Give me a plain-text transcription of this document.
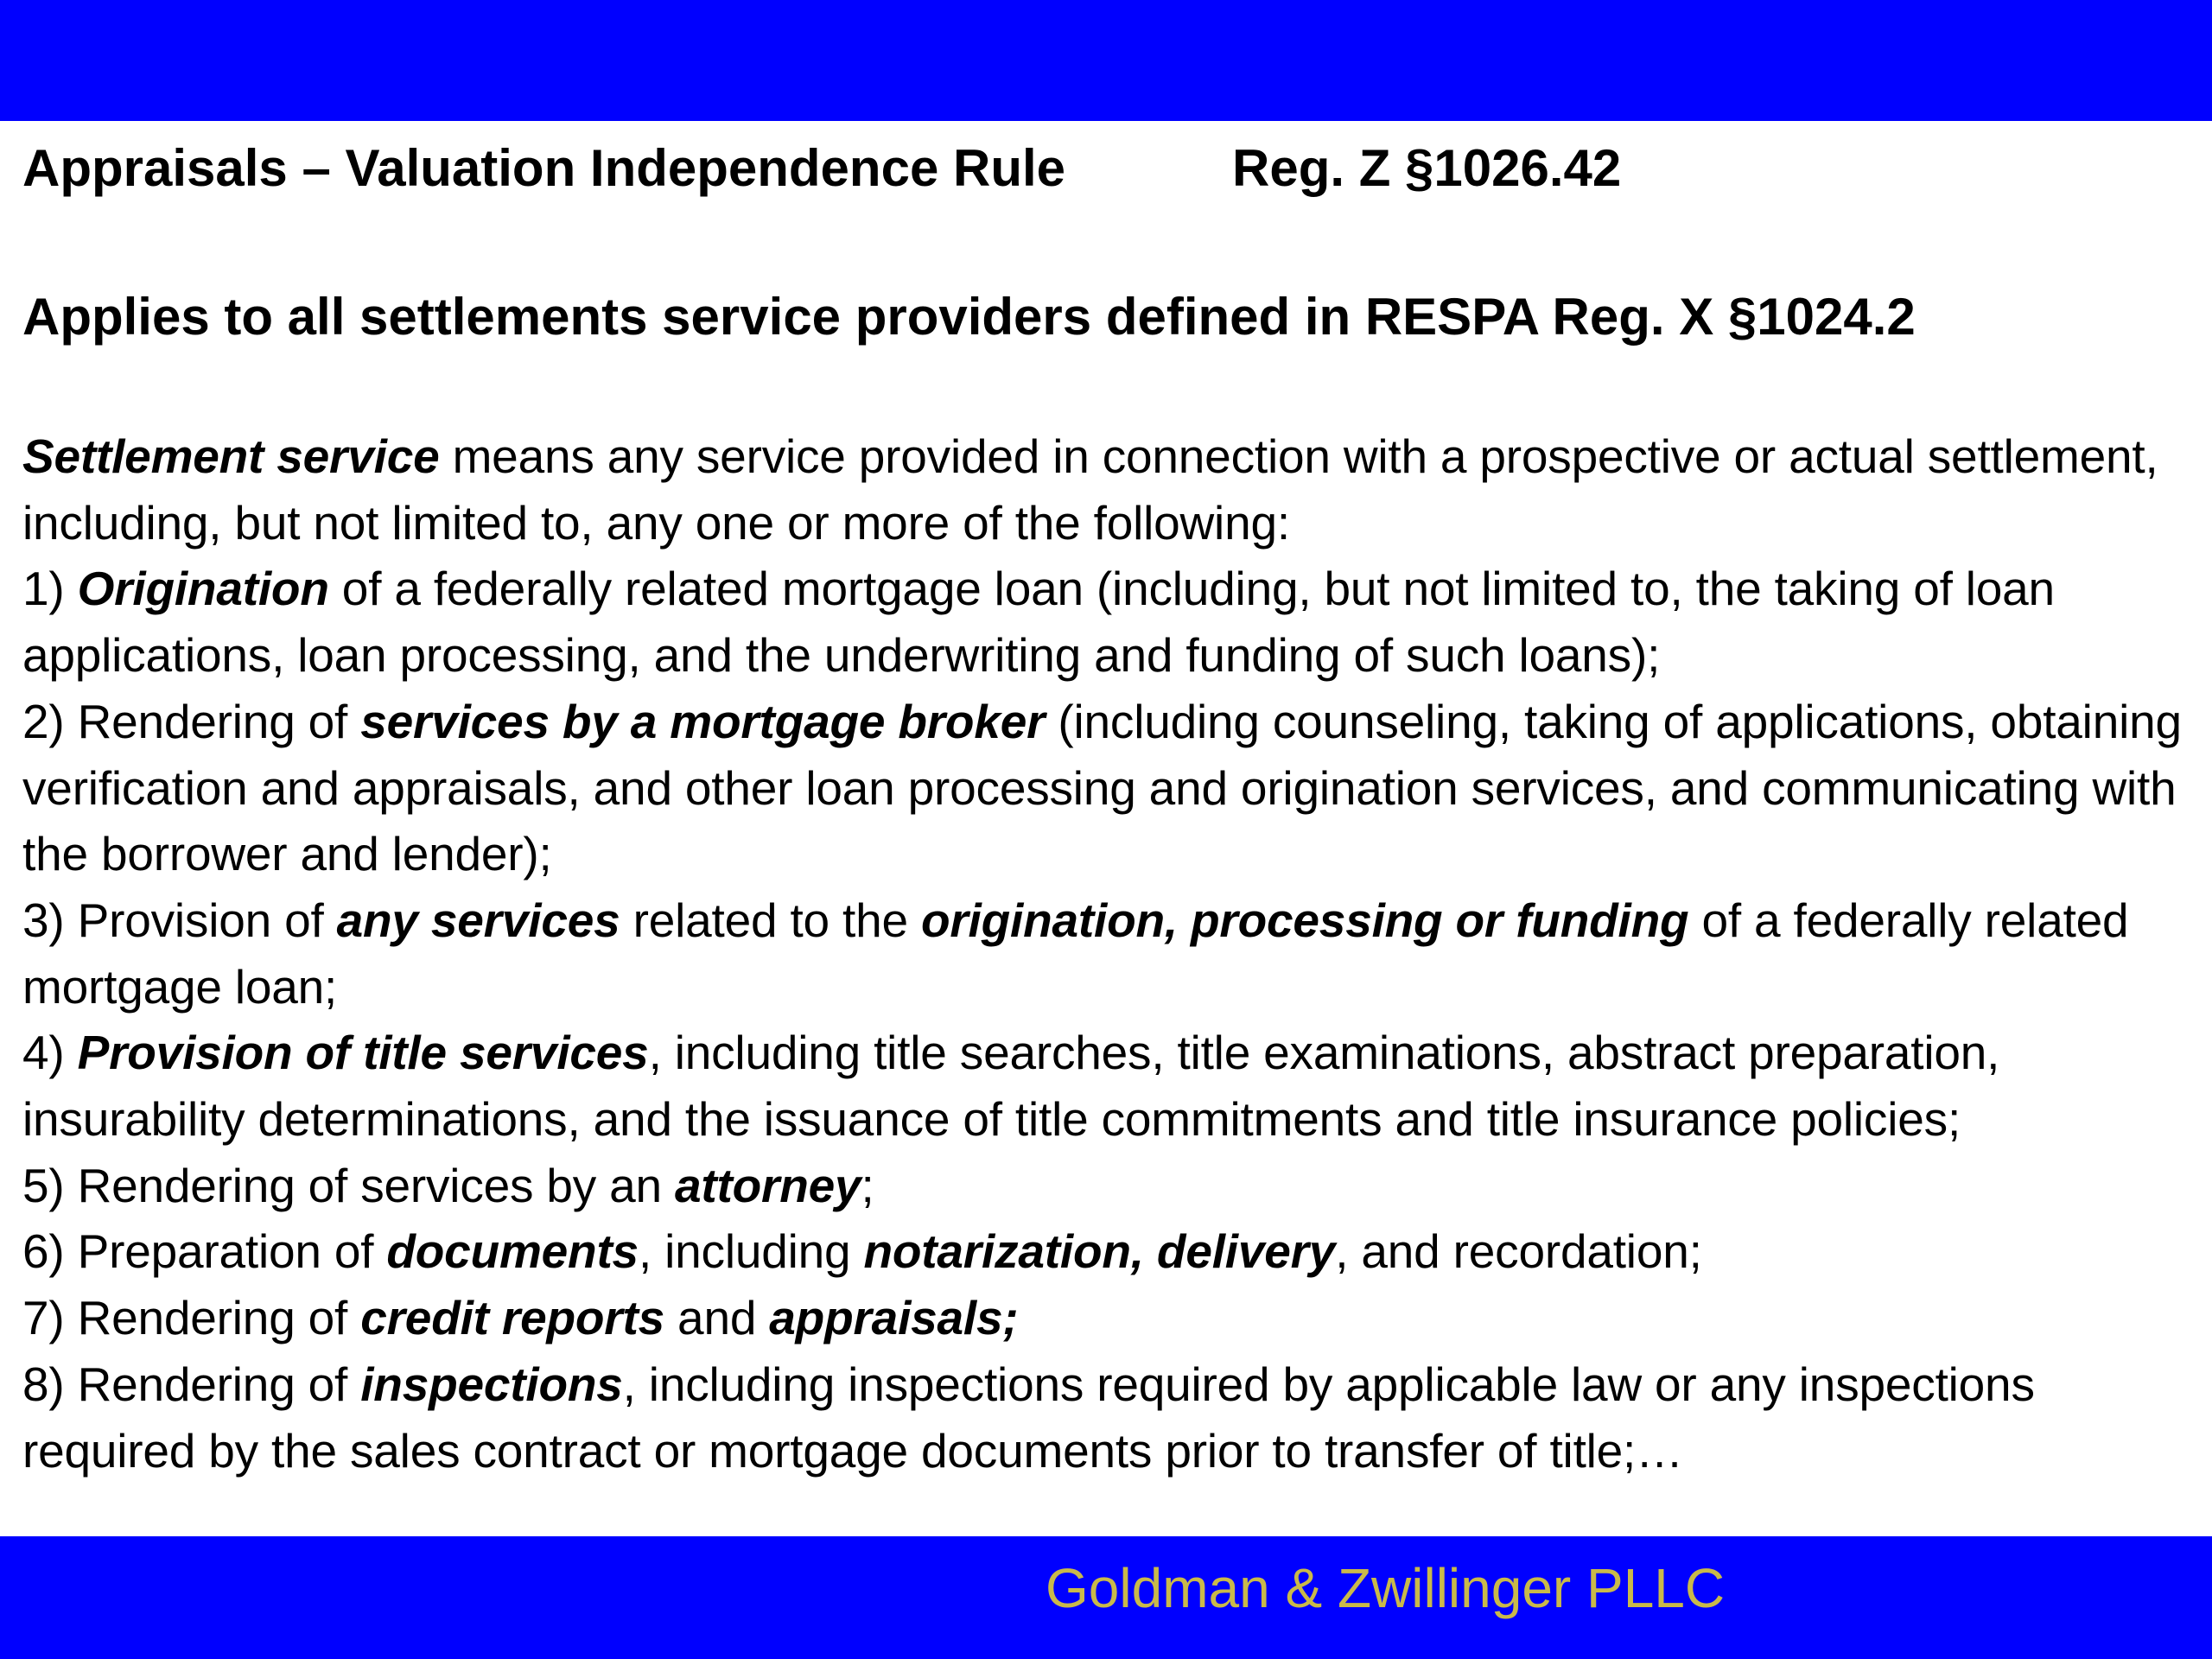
Appraisals – Valuation Independence Rule	Reg. Z §1026.42
Applies to all settlements service providers defined in RESPA Reg. X §1024.2

Settlement service means any service provided in connection with a prospective or actual settlement, including, but not limited to, any one or more of the following:

1) Origination of a federally related mortgage loan (including, but not limited to, the taking of loan applications, loan processing, and the underwriting and funding of such loans);

2) Rendering of services by a mortgage broker (including counseling, taking of applications, obtaining verification and appraisals, and other loan processing and origination services, and communicating with the borrower and lender);

3) Provision of any services related to the origination, processing or funding of a federally related mortgage loan;

4) Provision of title services, including title searches, title examinations, abstract preparation, insurability determinations, and the issuance of title commitments and title insurance policies;

5) Rendering of services by an attorney;

6) Preparation of documents, including notarization, delivery, and recordation;

7) Rendering of credit reports and appraisals;

8) Rendering of inspections, including inspections required by applicable law or any inspections required by the sales contract or mortgage documents prior to transfer of title;…

Goldman & Zwillinger PLLC
